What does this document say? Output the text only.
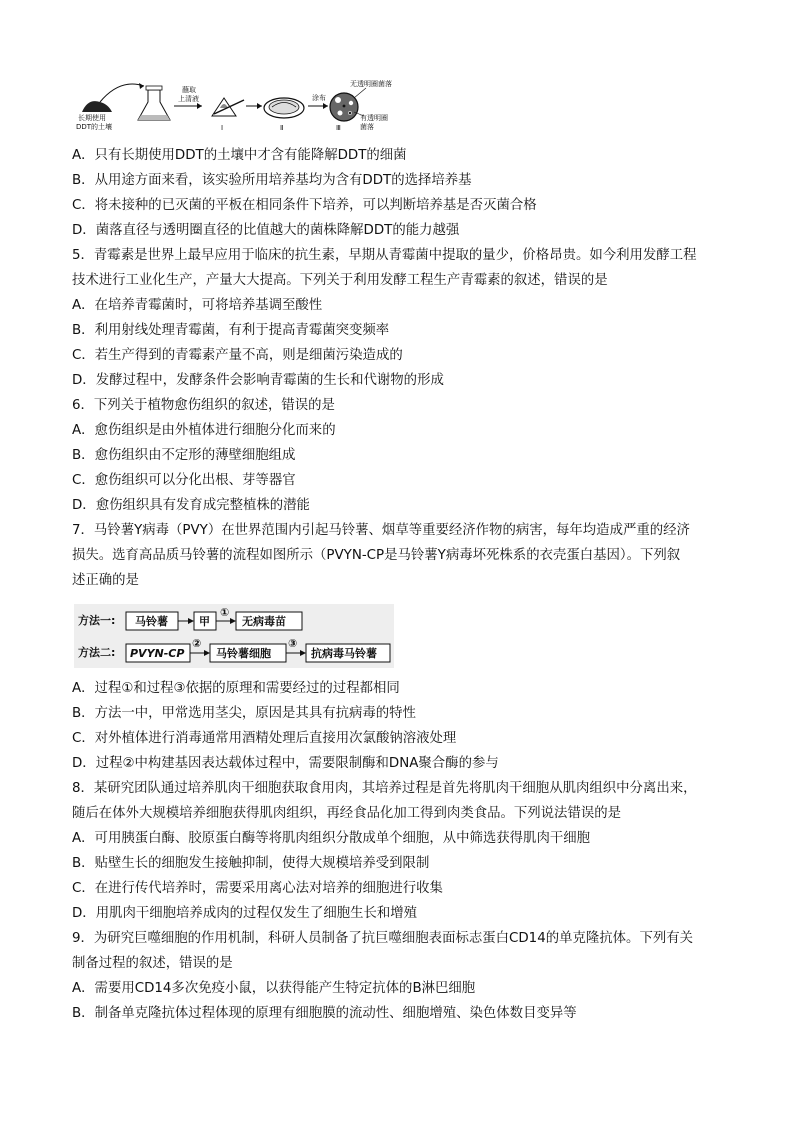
长期使用
DDT的土壤
蘸取
上清液
Ⅰ	Ⅱ
涂布
Ⅲ
无透明圈菌落
有透明圈
菌落
A．只有长期使用DDT的土壤中才含有能降解DDT的细菌
B．从用途方面来看，该实验所用培养基均为含有DDT的选择培养基
C．将未接种的已灭菌的平板在相同条件下培养，可以判断培养基是否灭菌合格
D．菌落直径与透明圈直径的比值越大的菌株降解DDT的能力越强
5．青霉素是世界上最早应用于临床的抗生素，早期从青霉菌中提取的量少，价格昂贵。如今利用发酵工程
技术进行工业化生产，产量大大提高。下列关于利用发酵工程生产青霉素的叙述，错误的是
A．在培养青霉菌时，可将培养基调至酸性
B．利用射线处理青霉菌，有利于提高青霉菌突变频率
C．若生产得到的青霉素产量不高，则是细菌污染造成的
D．发酵过程中，发酵条件会影响青霉菌的生长和代谢物的形成
6．下列关于植物愈伤组织的叙述，错误的是
A．愈伤组织是由外植体进行细胞分化而来的
B．愈伤组织由不定形的薄壁细胞组成
C．愈伤组织可以分化出根、芽等器官
D．愈伤组织具有发育成完整植株的潜能
7．马铃薯Y病毒（PVY）在世界范围内引起马铃薯、烟草等重要经济作物的病害，每年均造成严重的经济
损失。选育高品质马铃薯的流程如图所示（PVYN-CP是马铃薯Y病毒坏死株系的衣壳蛋白基因）。下列叙
述正确的是
A．过程①和过程③依据的原理和需要经过的过程都相同
B．方法一中，甲常选用茎尖，原因是其具有抗病毒的特性
C．对外植体进行消毒通常用酒精处理后直接用次氯酸钠溶液处理
D．过程②中构建基因表达载体过程中，需要限制酶和DNA聚合酶的参与
8．某研究团队通过培养肌肉干细胞获取食用肉，其培养过程是首先将肌肉干细胞从肌肉组织中分离出来，
随后在体外大规模培养细胞获得肌肉组织，再经食品化加工得到肉类食品。下列说法错误的是
A．可用胰蛋白酶、胶原蛋白酶等将肌肉组织分散成单个细胞，从中筛选获得肌肉干细胞
B．贴壁生长的细胞发生接触抑制，使得大规模培养受到限制
C．在进行传代培养时，需要采用离心法对培养的细胞进行收集
D．用肌肉干细胞培养成肉的过程仅发生了细胞生长和增殖
9．为研究巨噬细胞的作用机制，科研人员制备了抗巨噬细胞表面标志蛋白CD14的单克隆抗体。下列有关
制备过程的叙述，错误的是
A．需要用CD14多次免疫小鼠，以获得能产生特定抗体的B淋巴细胞
B．制备单克隆抗体过程体现的原理有细胞膜的流动性、细胞增殖、染色体数目变异等
方法一: 马铃薯	甲
①
无病毒苗
方法二: PVYN-CP
②
马铃薯细胞
③
抗病毒马铃薯
